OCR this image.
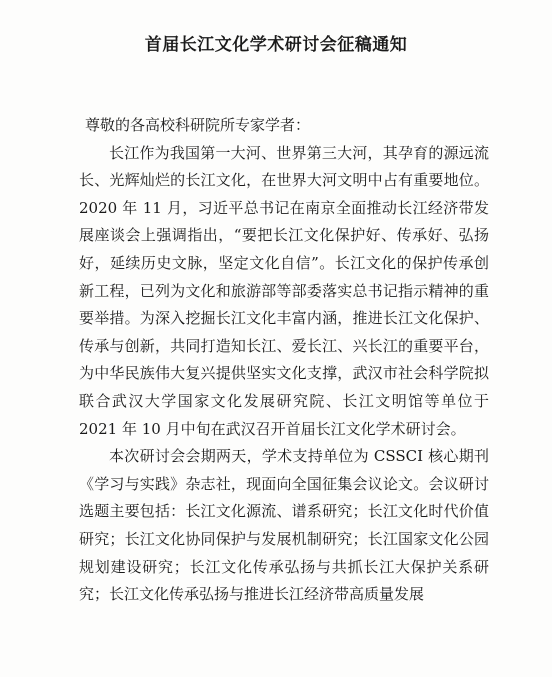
首届长江文化学术研讨会征稿通知

尊敬的各高校科研院所专家学者：

长江作为我国第一大河、世界第三大河，其孕育的源远流长、光辉灿烂的长江文化，在世界大河文明中占有重要地位。2020 年 11 月，习近平总书记在南京全面推动长江经济带发展座谈会上强调指出，“要把长江文化保护好、传承好、弘扬好，延续历史文脉，坚定文化自信”。长江文化的保护传承创新工程，已列为文化和旅游部等部委落实总书记指示精神的重要举措。为深入挖掘长江文化丰富内涵，推进长江文化保护、传承与创新，共同打造知长江、爱长江、兴长江的重要平台，为中华民族伟大复兴提供坚实文化支撑，武汉市社会科学院拟联合武汉大学国家文化发展研究院、长江文明馆等单位于 2021 年 10 月中旬在武汉召开首届长江文化学术研讨会。

本次研讨会会期两天，学术支持单位为 CSSCI 核心期刊《学习与实践》杂志社，现面向全国征集会议论文。会议研讨选题主要包括：长江文化源流、谱系研究；长江文化时代价值研究；长江文化协同保护与发展机制研究；长江国家文化公园规划建设研究；长江文化传承弘扬与共抓长江大保护关系研究；长江文化传承弘扬与推进长江经济带高质量发展
